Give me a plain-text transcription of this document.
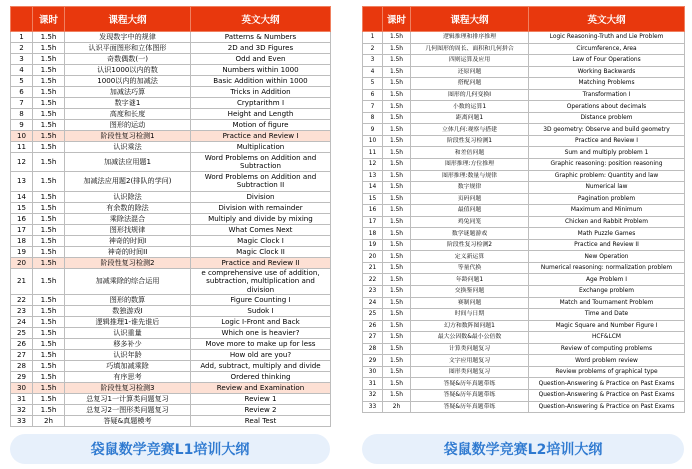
	课时	课程大纲	英文大纲
1	1.5h	发现数字中的规律	Patterns & Numbers
2	1.5h	认识平面图形和立体图形	2D and 3D Figures
3	1.5h	奇数偶数(一)	Odd and Even
4	1.5h	认识1000以内的数	Numbers within 1000
5	1.5h	1000以内的加减法	Basic Addition within 1000
6	1.5h	加减法巧算	Tricks in Addition
7	1.5h	数字谜1	Cryptarithm I
8	1.5h	高度和长度	Height and Length
9	1.5h	图形的运动	Motion of figure
10	1.5h	阶段性复习检测1	Practice and Review I
11	1.5h	认识乘法	Multiplication
12	1.5h	加减法应用题1	Word Problems on Addition and Subtraction
13	1.5h	加减法应用题2(排队的学问)	Word Problems on Addition and Subtraction II
14	1.5h	认识除法	Division
15	1.5h	有余数的除法	Division with remainder
16	1.5h	乘除法混合	Multiply and divide by mixing
17	1.5h	图形找规律	What Comes Next
18	1.5h	神奇的时间I	Magic Clock I
19	1.5h	神奇的时间II	Magic Clock II
20	1.5h	阶段性复习检测2	Practice and Review II
21	1.5h	加减乘除的综合运用	e comprehensive use of addition, subtraction, multiplication and division
22	1.5h	图形的数算	Figure Counting I
23	1.5h	数独游戏I	Sudok I
24	1.5h	逻辑推理1-谁先谁后	Logic I-Front and Back
25	1.5h	认识重量	Which one is heavier?
26	1.5h	移多补少	Move more to make up for less
27	1.5h	认识年龄	How old are you?
28	1.5h	巧填加减乘除	Add, subtract, multiply and divide
29	1.5h	有序思考	Ordered thinking
30	1.5h	阶段性复习检测3	Review and Examination
31	1.5h	总复习1一计算类问题复习	Review 1
32	1.5h	总复习2一图形类问题复习	Review 2
33	2h	答疑&真题模考	Real Test
	课时	课程大纲	英文大纲
1	1.5h	逻辑推理和排序推理	Logic Reasoning-Truth and Lie Problem
2	1.5h	几何图形的周长、面积和几何拼合	Circumference, Area
3	1.5h	四则运算及应用	Law of Four Operations
4	1.5h	还原问题	Working Backwards
5	1.5h	搭配问题	Matching Problems
6	1.5h	图形的几何变换I	Transformation I
7	1.5h	小数的运算1	Operations about decimals
8	1.5h	距离问题1	Distance problem
9	1.5h	立体几何:观察与搭建	3D geometry: Observe and build geometry
10	1.5h	阶段性复习检测1	Practice and Review I
11	1.5h	和差倍问题	Sum and multiply problem 1
12	1.5h	图形推理:方位推理	Graphic reasoning: position reasoning
13	1.5h	图形推理:数量与规律	Graphic problem: Quantity and law
14	1.5h	数字规律	Numerical law
15	1.5h	页码问题	Pagination problem
16	1.5h	最值问题	Maximum and Minimum
17	1.5h	鸡兔同笼	Chicken and Rabbit Problem
18	1.5h	数学谜题游戏	Math Puzzle Games
19	1.5h	阶段性复习检测2	Practice and Review II
20	1.5h	定义新运算	New Operation
21	1.5h	等量代换	Numerical reasoning: normalization problem
22	1.5h	年龄问题1	Age Problem I
23	1.5h	交换鉴问题	Exchange problem
24	1.5h	赛制问题	Match and Tournament Problem
25	1.5h	时间与日期	Time and Date
26	1.5h	幻方和数阵图问题1	Magic Square and Number Figure I
27	1.5h	最大公因数&最小公倍数	HCF&LCM
28	1.5h	计算类问题复习	Review of computing problems
29	1.5h	文字应用题复习	Word problem review
30	1.5h	图形类问题复习	Review problems of graphical type
31	1.5h	答疑&历年真题带练	Question-Answering & Practice on Past Exams
32	1.5h	答疑&历年真题带练	Question-Answering & Practice on Past Exams
33	2h	答疑&历年真题带练	Question-Answering & Practice on Past Exams
袋鼠数学竞赛L1培训大纲	袋鼠数学竞赛L2培训大纲
